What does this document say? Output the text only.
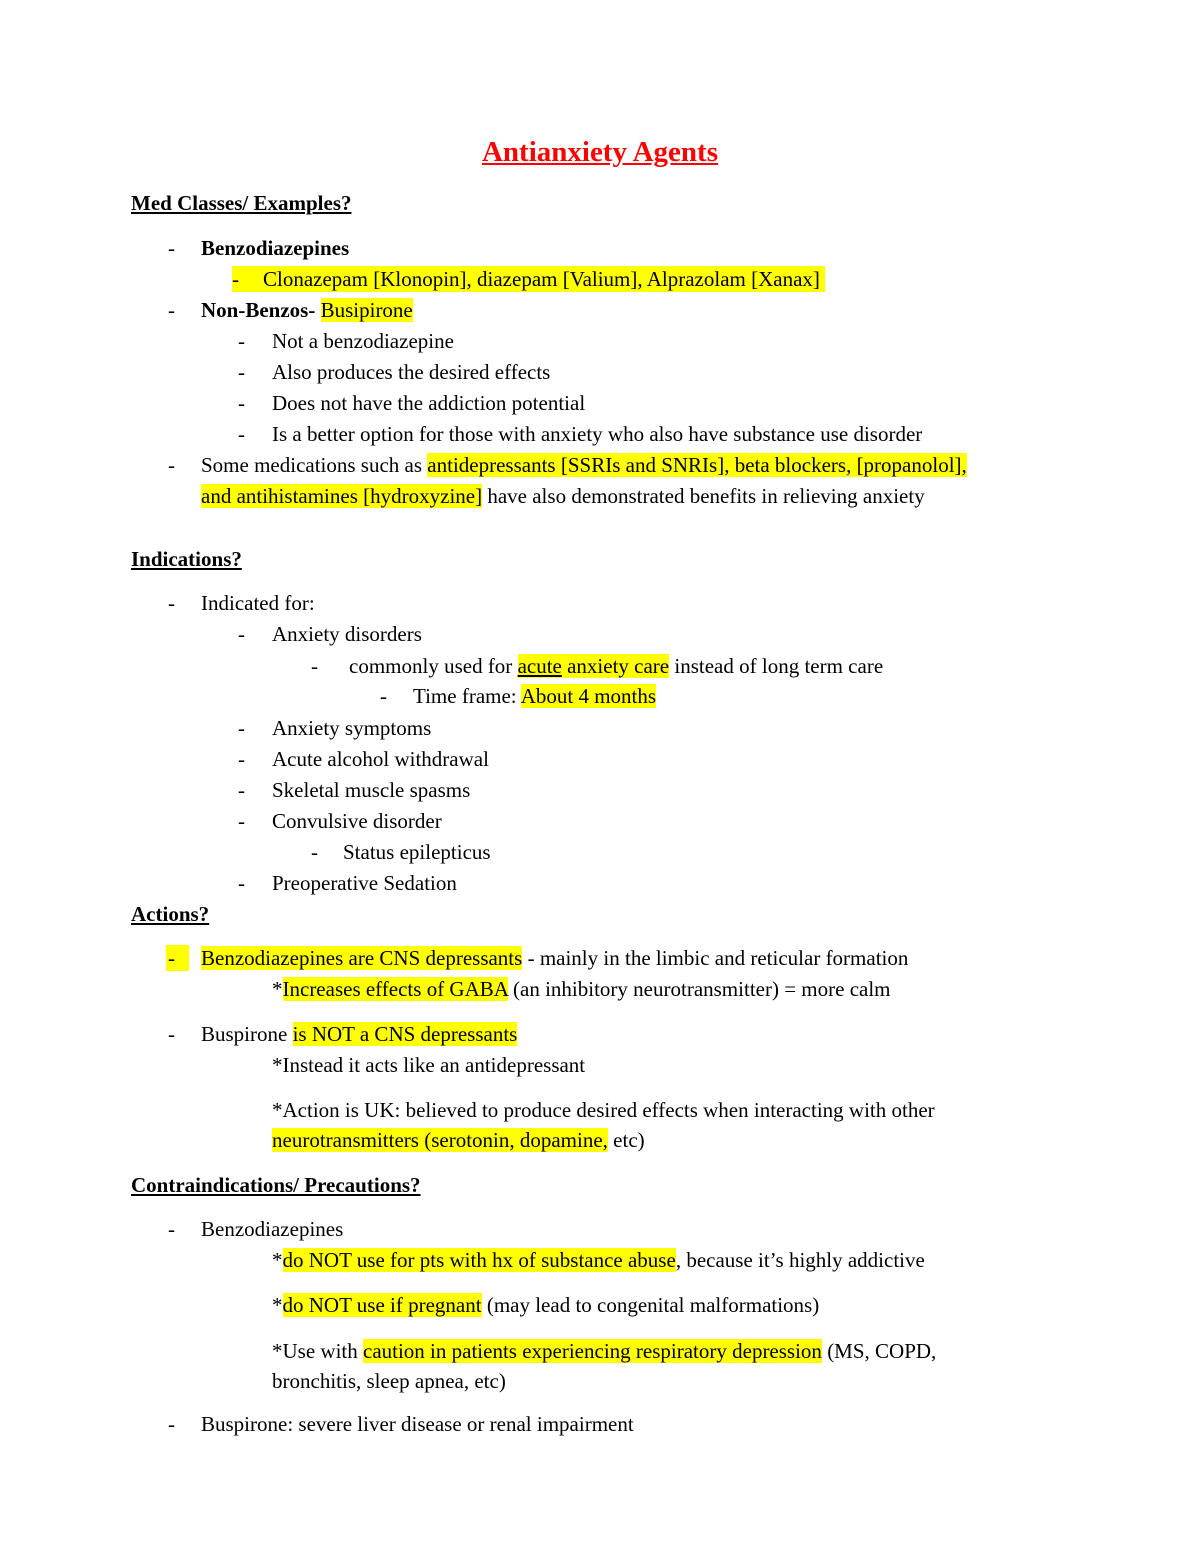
Antianxiety Agents
Med Classes/ Examples?
- Benzodiazepines
- Clonazepam [Klonopin], diazepam [Valium], Alprazolam [Xanax]
- Non-Benzos- Busipirone
- Not a benzodiazepine
- Also produces the desired effects
- Does not have the addiction potential
- Is a better option for those with anxiety who also have substance use disorder
- Some medications such as antidepressants [SSRIs and SNRIs], beta blockers, [propanolol],
and antihistamines [hydroxyzine] have also demonstrated benefits in relieving anxiety
Indications?
- Indicated for:
- Anxiety disorders
- commonly used for acute anxiety care instead of long term care
- Time frame: About 4 months
- Anxiety symptoms
- Acute alcohol withdrawal
- Skeletal muscle spasms
- Convulsive disorder
- Status epilepticus
- Preoperative Sedation
Actions?
-	Benzodiazepines are CNS depressants - mainly in the limbic and reticular formation
*Increases effects of GABA (an inhibitory neurotransmitter) = more calm
- Buspirone is NOT a CNS depressants
*Instead it acts like an antidepressant
*Action is UK: believed to produce desired effects when interacting with other
neurotransmitters (serotonin, dopamine, etc)
Contraindications/ Precautions?
- Benzodiazepines
*do NOT use for pts with hx of substance abuse, because it’s highly addictive
*do NOT use if pregnant (may lead to congenital malformations)
*Use with caution in patients experiencing respiratory depression (MS, COPD,
bronchitis, sleep apnea, etc)
- Buspirone: severe liver disease or renal impairment
